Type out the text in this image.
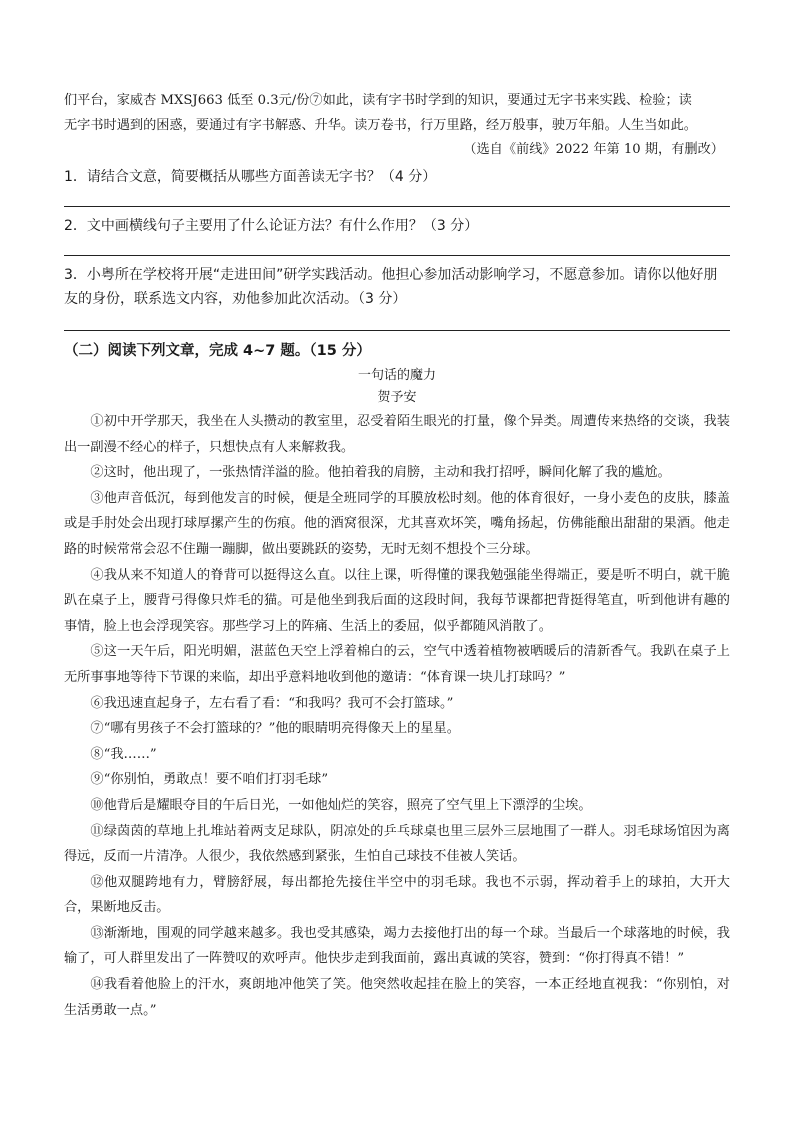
们平台，家威杏 MXSJ663 低至 0.3元/份⑦如此，读有字书时学到的知识，要通过无字书来实践、检验；读

无字书时遇到的困惑，要通过有字书解惑、升华。读万卷书，行万里路，经万般事，驶万年船。人生当如此。

（选自《前线》2022 年第 10 期，有删改）

1．请结合文意，简要概括从哪些方面善读无字书？（4 分）

2．文中画横线句子主要用了什么论证方法？有什么作用？（3 分）

3．小粤所在学校将开展“走进田间”研学实践活动。他担心参加活动影响学习，不愿意参加。请你以他好朋友的身份，联系选文内容，劝他参加此次活动。（3 分）

（二）阅读下列文章，完成 4~7 题。（15 分）

一句话的魔力

贺予安

①初中开学那天，我坐在人头攒动的教室里，忍受着陌生眼光的打量，像个异类。周遭传来热络的交谈，我装出一副漫不经心的样子，只想快点有人来解救我。

②这时，他出现了，一张热情洋溢的脸。他拍着我的肩膀，主动和我打招呼，瞬间化解了我的尴尬。

③他声音低沉，每到他发言的时候，便是全班同学的耳膜放松时刻。他的体育很好，一身小麦色的皮肤，膝盖或是手肘处会出现打球厚摞产生的伤痕。他的酒窝很深，尤其喜欢坏笑，嘴角扬起，仿佛能酿出甜甜的果酒。他走路的时候常常会忍不住蹦一蹦脚，做出要跳跃的姿势，无时无刻不想投个三分球。

④我从来不知道人的脊背可以挺得这么直。以往上课，听得懂的课我勉强能坐得端正，要是听不明白，就干脆趴在桌子上，腰背弓得像只炸毛的猫。可是他坐到我后面的这段时间，我每节课都把背挺得笔直，听到他讲有趣的事情，脸上也会浮现笑容。那些学习上的阵痛、生活上的委屈，似乎都随风消散了。

⑤这一天午后，阳光明媚，湛蓝色天空上浮着棉白的云，空气中透着植物被晒暖后的清新香气。我趴在桌子上无所事事地等待下节课的来临，却出乎意料地收到他的邀请：“体育课一块儿打球吗？”

⑥我迅速直起身子，左右看了看：“和我吗？我可不会打篮球。”

⑦“哪有男孩子不会打篮球的？”他的眼睛明亮得像天上的星星。

⑧“我……”

⑨“你别怕，勇敢点！要不咱们打羽毛球”

⑩他背后是耀眼夺目的午后日光，一如他灿烂的笑容，照亮了空气里上下漂浮的尘埃。

⑪绿茵茵的草地上扎堆站着两支足球队，阴凉处的乒乓球桌也里三层外三层地围了一群人。羽毛球场馆因为离得远，反而一片清净。人很少，我依然感到紧张，生怕自己球技不佳被人笑话。

⑫他双腿跨地有力，臂膀舒展，每出都抢先接住半空中的羽毛球。我也不示弱，挥动着手上的球拍，大开大合，果断地反击。

⑬渐渐地，围观的同学越来越多。我也受其感染，竭力去接他打出的每一个球。当最后一个球落地的时候，我输了，可人群里发出了一阵赞叹的欢呼声。他快步走到我面前，露出真诚的笑容，赞到：“你打得真不错！”

⑭我看着他脸上的汗水，爽朗地冲他笑了笑。他突然收起挂在脸上的笑容，一本正经地直视我：“你别怕，对生活勇敢一点。”
